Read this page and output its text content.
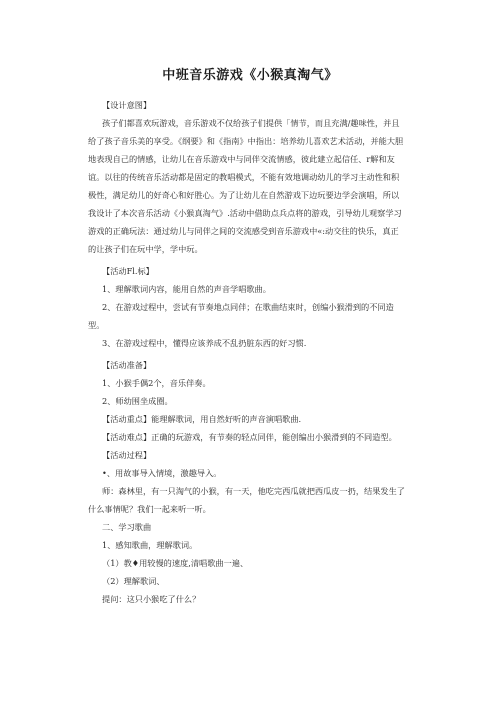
中班音乐游戏《小猴真淘气》

【设计意图】

孩子们都喜欢玩游戏，音乐游戏不仅给孩子们提供「情节，而且充满/趣味性，并且给了孩子音乐美的享受。《纲要》和《指南》中指出：培养幼儿喜欢艺术活动，并能大胆地表现自己的情感，让幼儿在音乐游戏中与同伴交流情感，彼此建立起信任、r解和友谊。以往的传统音乐活动都是固定的教唱模式，不能有效地调动幼儿的学习主动性和积极性，满足幼儿的好奇心和好胜心。为了让幼儿在自然游戏下边玩要边学会演唱，所以我设计了本次音乐活动《小猴真淘气》.活动中借助点兵点将的游戏，引导幼儿观察学习游戏的正确玩法：通过幼儿与同伴之间的交流感受到音乐游戏中«:动交往的快乐，真正的让孩子们在玩中学，学中玩。

【活动Fl.标】

1、理解歌词内容，能用自然的声音学唱歌曲。

2、在游戏过程中，尝试有节奏地点同伴；在歌曲结束时，创编小猴滑到的不同造型。

3、在游戏过程中，懂得应该养成不乱扔脏东西的好习惯.

【活动准备】

1、小猴手偶2个，音乐伴奏。

2、师幼围坐成圈。

【活动重点】能理解歌词，用自然好听的声音演唱歌曲.

【活动难点】正确的玩游戏，有节奏的轻点同伴，能创编出小猴滑到的不同造型。

【活动过程】

•、用故事导入情境，激趣导入。

师：森林里，有一只淘气的小猴，有一天，他吃完西瓜就把西瓜皮一扔，结果发生了什么事情呢？我们一起来听一听。

二、学习歌曲

1、感知歌曲，理解歌词。

（1）教♦用较慢的速度,清唱歌曲一遍、

（2）理解歌词、

提问：这只小猴吃了什么？
